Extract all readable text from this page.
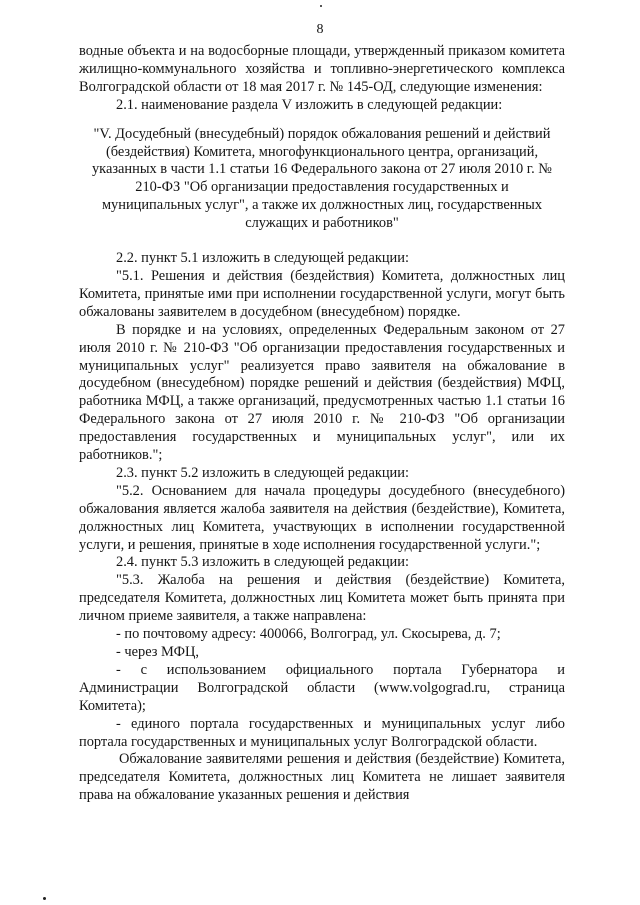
8

водные объекта и на водосборные площади, утвержденный приказом комитета жилищно-коммунального хозяйства и топливно-энергетического комплекса Волгоградской области от 18 мая 2017 г. № 145-ОД, следующие изменения:

2.1. наименование раздела V изложить в следующей редакции:

"V. Досудебный (внесудебный) порядок обжалования решений и действий (бездействия) Комитета, многофункционального центра, организаций, указанных в части 1.1 статьи 16 Федерального закона от 27 июля 2010 г. № 210-ФЗ "Об организации предоставления государственных и муниципальных услуг", а также их должностных лиц, государственных служащих и работников"

2.2. пункт 5.1 изложить в следующей редакции:

"5.1. Решения и действия (бездействия) Комитета, должностных лиц Комитета, принятые ими при исполнении государственной услуги, могут быть обжалованы заявителем в досудебном (внесудебном) порядке.

В порядке и на условиях, определенных Федеральным законом от 27 июля 2010 г. № 210-ФЗ "Об организации предоставления государственных и муниципальных услуг" реализуется право заявителя на обжалование в досудебном (внесудебном) порядке решений и действия (бездействия) МФЦ, работника МФЦ, а также организаций, предусмотренных частью 1.1 статьи 16 Федерального закона от 27 июля 2010 г. № 210-ФЗ "Об организации предоставления государственных и муниципальных услуг", или их работников.";

2.3. пункт 5.2 изложить в следующей редакции:

"5.2. Основанием для начала процедуры досудебного (внесудебного) обжалования является жалоба заявителя на действия (бездействие), Комитета, должностных лиц Комитета, участвующих в исполнении государственной услуги, и решения, принятые в ходе исполнения государственной услуги.";

2.4. пункт 5.3 изложить в следующей редакции:

"5.3. Жалоба на решения и действия (бездействие) Комитета, председателя Комитета, должностных лиц Комитета может быть принята при личном приеме заявителя, а также направлена:

- по почтовому адресу: 400066, Волгоград, ул. Скосырева, д. 7;

- через МФЦ,

- с использованием официального портала Губернатора и Администрации Волгоградской области (www.volgograd.ru, страница Комитета);

- единого портала государственных и муниципальных услуг либо портала государственных и муниципальных услуг Волгоградской области.

Обжалование заявителями решения и действия (бездействие) Комитета, председателя Комитета, должностных лиц Комитета не лишает заявителя права на обжалование указанных решения и действия
